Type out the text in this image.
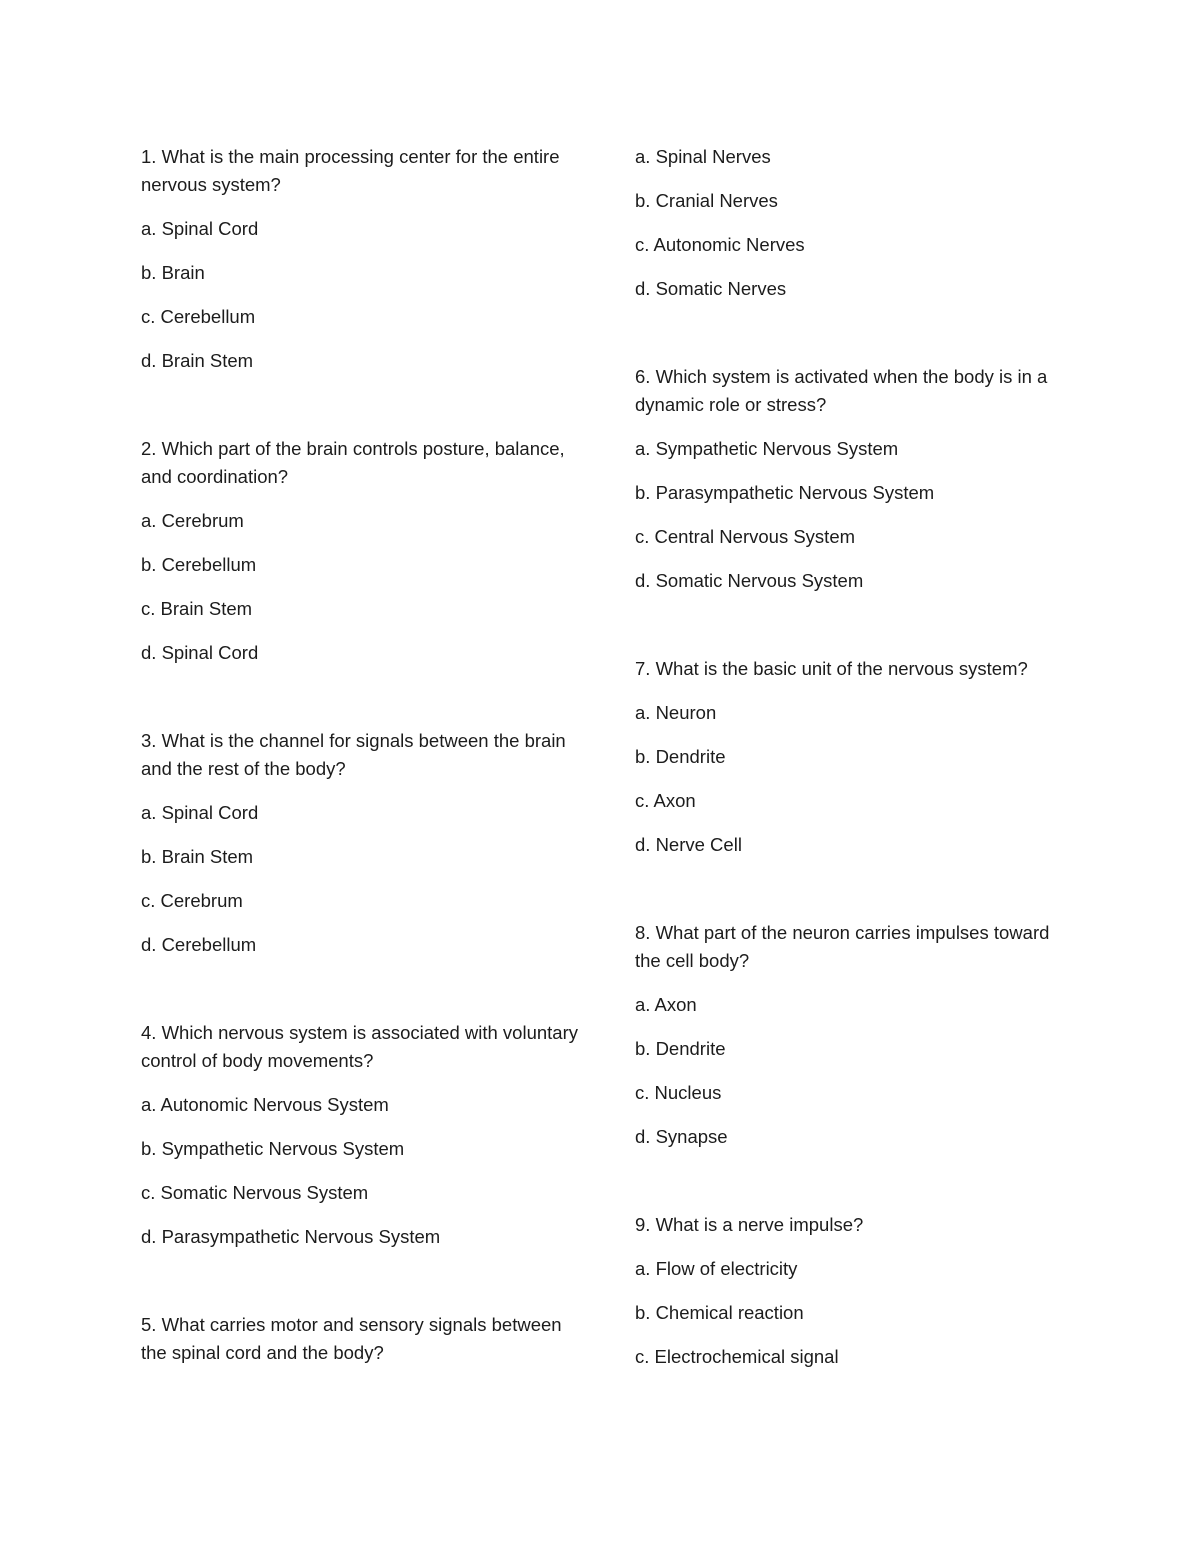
1. What is the main processing center for the entire nervous system?

a. Spinal Cord

b. Brain

c. Cerebellum

d. Brain Stem

2. Which part of the brain controls posture, balance, and coordination?

a. Cerebrum

b. Cerebellum

c. Brain Stem

d. Spinal Cord

3. What is the channel for signals between the brain and the rest of the body?

a. Spinal Cord

b. Brain Stem

c. Cerebrum

d. Cerebellum

4. Which nervous system is associated with voluntary control of body movements?

a. Autonomic Nervous System

b. Sympathetic Nervous System

c. Somatic Nervous System

d. Parasympathetic Nervous System

5. What carries motor and sensory signals between the spinal cord and the body?

a. Spinal Nerves

b. Cranial Nerves

c. Autonomic Nerves

d. Somatic Nerves

6. Which system is activated when the body is in a dynamic role or stress?

a. Sympathetic Nervous System

b. Parasympathetic Nervous System

c. Central Nervous System

d. Somatic Nervous System

7. What is the basic unit of the nervous system?

a. Neuron

b. Dendrite

c. Axon

d. Nerve Cell

8. What part of the neuron carries impulses toward the cell body?

a. Axon

b. Dendrite

c. Nucleus

d. Synapse

9. What is a nerve impulse?

a. Flow of electricity

b. Chemical reaction

c. Electrochemical signal
